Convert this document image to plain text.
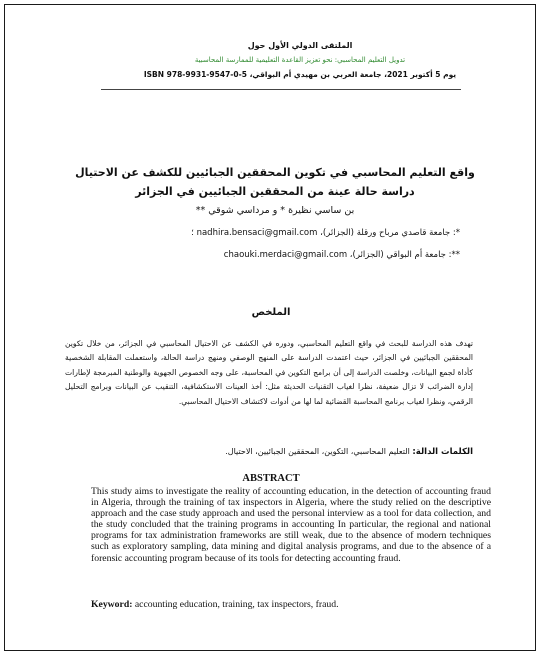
الملتقى الدولي الأول حول
تدويل التعليم المحاسبي: نحو تعزيز القاعدة التعليمية للممارسة المحاسبية
يوم 5 أكتوبر 2021، جامعة العربي بن مهيدي أم البواقي، ISBN 978-9931-9547-0-5
واقع التعليم المحاسبي في تكوين المحققين الجبائيين للكشف عن الاحتيال
دراسة حالة عينة من المحققين الجبائيين في الجزائر
بن ساسي نظيرة * و مرداسي شوقي **
*: جامعة قاصدي مرباح ورقلة (الجزائر)، nadhira.bensaci@gmail.com ؛
**: جامعة أم البواقي (الجزائر)، chaouki.merdaci@gmail.com
الملخص
تهدف هذه الدراسة للبحث في واقع التعليم المحاسبي، ودوره في الكشف عن الاحتيال المحاسبي في الجزائر، من خلال تكوين المحققين الجبائيين في الجزائر، حيث اعتمدت الدراسة على المنهج الوصفي ومنهج دراسة الحالة، واستعملت المقابلة الشخصية كأداة لجمع البيانات، وخلصت الدراسة إلى أن برامج التكوين في المحاسبة، على وجه الخصوص الجهوية والوطنية المبرمجة لإطارات إدارة الضرائب لا تزال ضعيفة، نظرا لغياب التقنيات الحديثة مثل: أخذ العينات الاستكشافية، التنقيب عن البيانات وبرامج التحليل الرقمي، ونظرا لغياب برنامج المحاسبة القضائية لما لها من أدوات لاكتشاف الاحتيال المحاسبي.
الكلمات الدالة: التعليم المحاسبي، التكوين، المحققين الجبائيين، الاحتيال.
ABSTRACT
This study aims to investigate the reality of accounting education, in the detection of accounting fraud in Algeria, through the training of tax inspectors in Algeria, where the study relied on the descriptive approach and the case study approach and used the personal interview as a tool for data collection, and the study concluded that the training programs in accounting In particular, the regional and national programs for tax administration frameworks are still weak, due to the absence of modern techniques such as exploratory sampling, data mining and digital analysis programs, and due to the absence of a forensic accounting program because of its tools for detecting accounting fraud.
Keyword: accounting education, training, tax inspectors, fraud.
